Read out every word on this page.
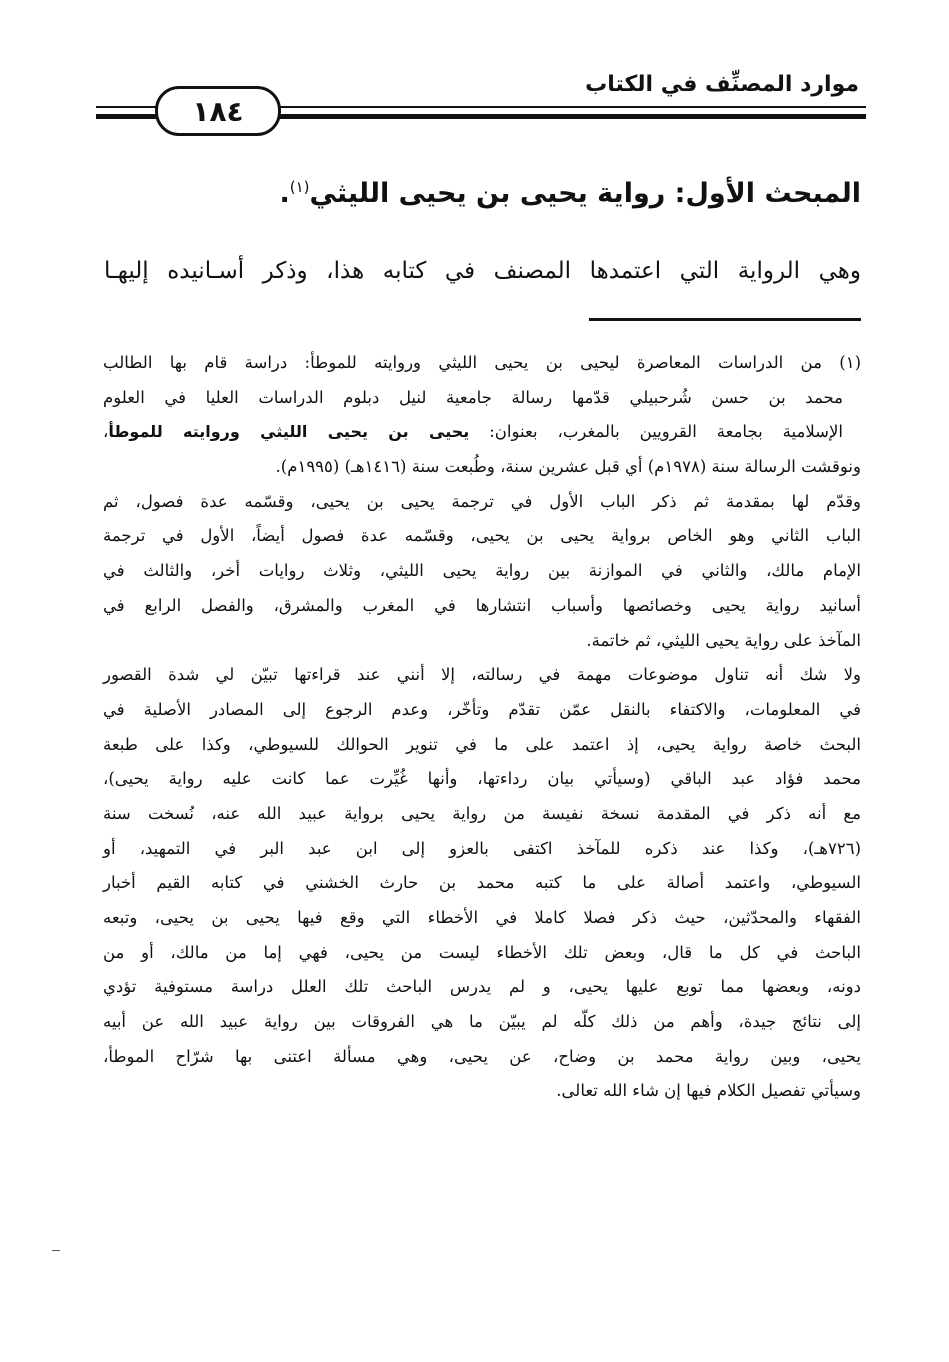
موارد المصنِّف في الكتاب
١٨٤
المبحث الأول: رواية يحيى بن يحيى الليثي$^{(١)}$.
وهي الرواية التي اعتمدها المصنف في كتابه هذا، وذكر أسـانيده إليهـا
(١) من الدراسات المعاصرة ليحيى بن يحيى الليثي وروايته للموطأ: دراسة قام بها الطالب
محمد بن حسن شُرحبيلي قدّمها رسالة جامعية لنيل دبلوم الدراسات العليا في العلوم
الإسلامية بجامعة القرويين بالمغرب، بعنوان: يحيى بن يحيى الليثي وروايته للموطأ،
ونوقشت الرسالة سنة (١٩٧٨م) أي قبل عشرين سنة، وطُبعت سنة (١٤١٦هـ) (١٩٩٥م).
وقدّم لها بمقدمة ثم ذكر الباب الأول في ترجمة يحيى بن يحيى، وقسّمه عدة فصول، ثم
الباب الثاني وهو الخاص برواية يحيى بن يحيى، وقسّمه عدة فصول أيضاً، الأول في ترجمة
الإمام مالك، والثاني في الموازنة بين رواية يحيى الليثي، وثلاث روايات أخر، والثالث في
أسانيد رواية يحيى وخصائصها وأسباب انتشارها في المغرب والمشرق، والفصل الرابع في
المآخذ على رواية يحيى الليثي، ثم خاتمة.
ولا شك أنه تناول موضوعات مهمة في رسالته، إلا أنني عند قراءتها تبيّن لي شدة القصور
في المعلومات، والاكتفاء بالنقل عمّن تقدّم وتأخّر، وعدم الرجوع إلى المصادر الأصلية في
البحث خاصة رواية يحيى، إذ اعتمد على ما في تنوير الحوالك للسيوطي، وكذا على طبعة
محمد فؤاد عبد الباقي (وسيأتي بيان رداءتها، وأنها غُيِّرت عما كانت عليه رواية يحيى)،
مع أنه ذكر في المقدمة نسخة نفيسة من رواية يحيى برواية عبيد الله عنه، نُسخت سنة
(٧٢٦هـ)، وكذا عند ذكره للمآخذ اكتفى بالعزو إلى ابن عبد البر في التمهيد، أو
السيوطي، واعتمد أصالة على ما كتبه محمد بن حارث الخشني في كتابه القيم أخبار
الفقهاء والمحدّثين، حيث ذكر فصلا كاملا في الأخطاء التي وقع فيها يحيى بن يحيى، وتبعه
الباحث في كل ما قال، وبعض تلك الأخطاء ليست من يحيى، فهي إما من مالك، أو من
دونه، وبعضها مما توبع عليها يحيى، و لم يدرس الباحث تلك العلل دراسة مستوفية تؤدي
إلى نتائج جيدة، وأهم من ذلك كلّه لم يبيّن ما هي الفروقات بين رواية عبيد الله عن أبيه
يحيى، وبين رواية محمد بن وضاح، عن يحيى، وهي مسألة اعتنى بها شرّاح الموطأ،
وسيأتي تفصيل الكلام فيها إن شاء الله تعالى.
